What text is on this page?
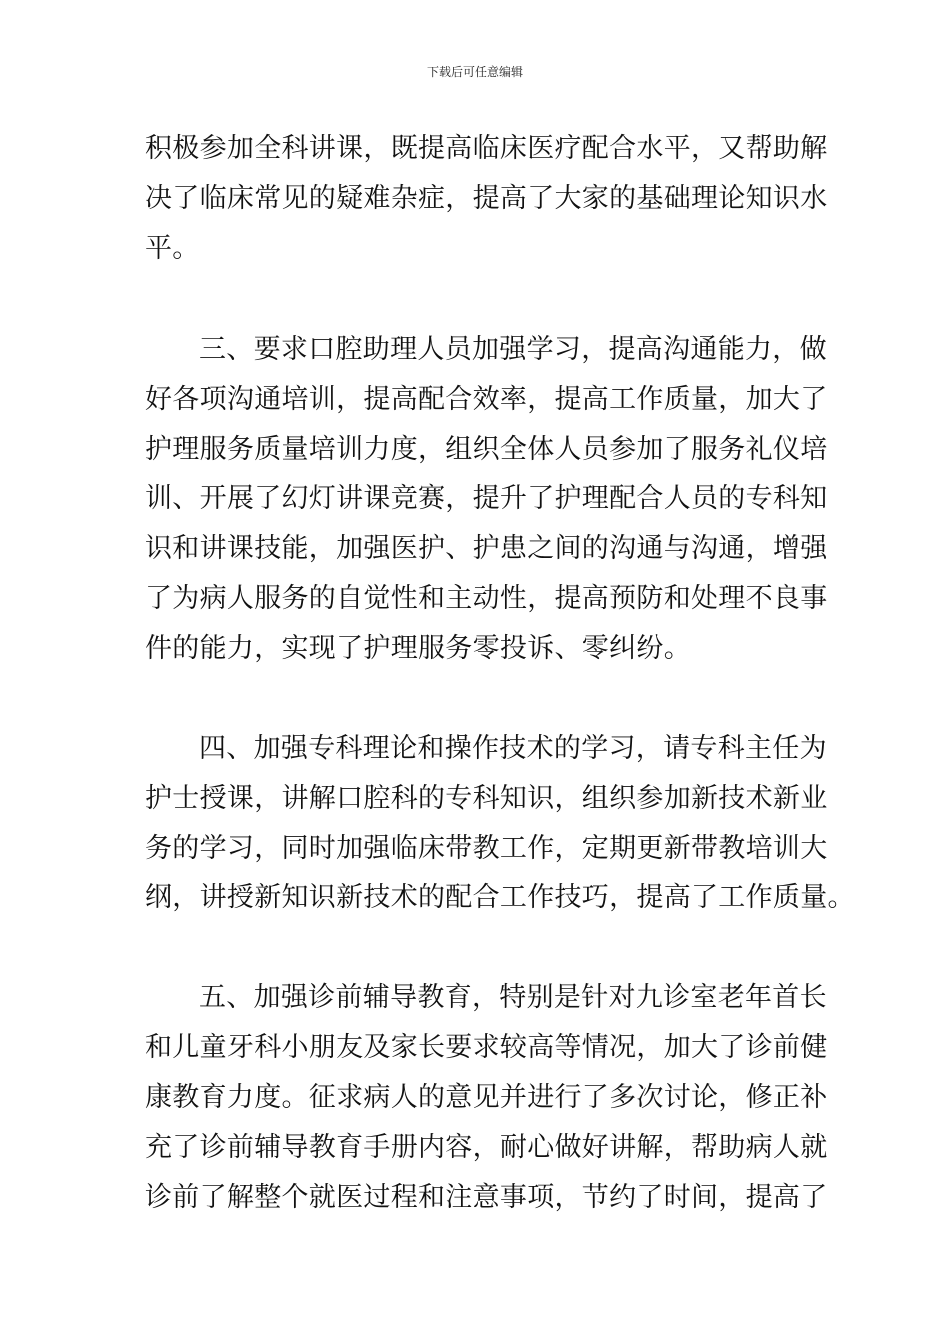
下载后可任意编辑
积极参加全科讲课，既提高临床医疗配合水平，又帮助解
决了临床常见的疑难杂症，提高了大家的基础理论知识水
平。
三、要求口腔助理人员加强学习，提高沟通能力，做
好各项沟通培训，提高配合效率，提高工作质量，加大了
护理服务质量培训力度，组织全体人员参加了服务礼仪培
训、开展了幻灯讲课竞赛，提升了护理配合人员的专科知
识和讲课技能，加强医护、护患之间的沟通与沟通，增强
了为病人服务的自觉性和主动性，提高预防和处理不良事
件的能力，实现了护理服务零投诉、零纠纷。
四、加强专科理论和操作技术的学习，请专科主任为
护士授课，讲解口腔科的专科知识，组织参加新技术新业
务的学习，同时加强临床带教工作，定期更新带教培训大
纲，讲授新知识新技术的配合工作技巧，提高了工作质量。
五、加强诊前辅导教育，特别是针对九诊室老年首长
和儿童牙科小朋友及家长要求较高等情况，加大了诊前健
康教育力度。征求病人的意见并进行了多次讨论，修正补
充了诊前辅导教育手册内容，耐心做好讲解，帮助病人就
诊前了解整个就医过程和注意事项，节约了时间，提高了
